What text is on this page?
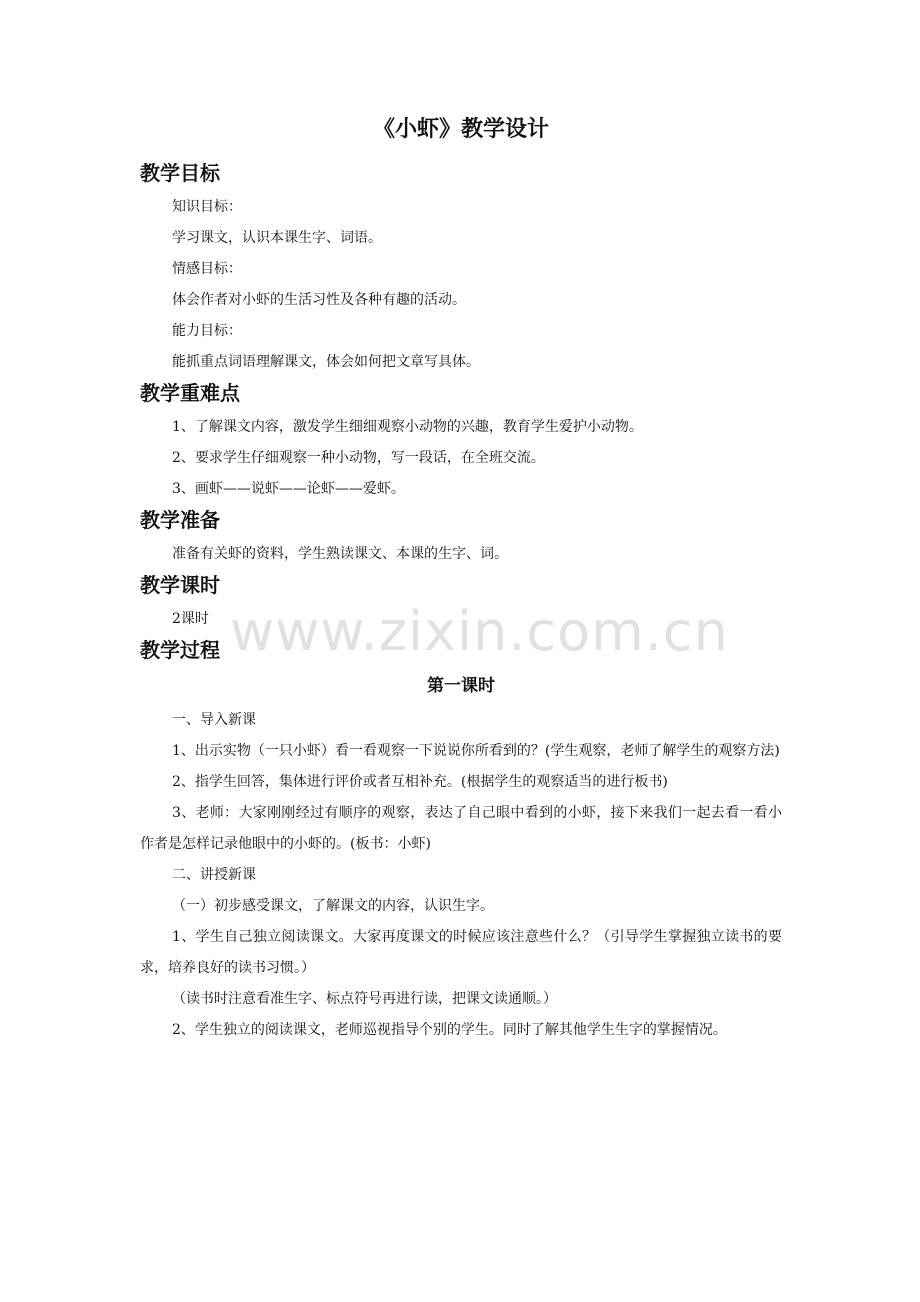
《小虾》教学设计
教学目标

知识目标：

学习课文，认识本课生字、词语。

情感目标：

体会作者对小虾的生活习性及各种有趣的活动。

能力目标：

能抓重点词语理解课文，体会如何把文章写具体。

教学重难点

1、了解课文内容，激发学生细细观察小动物的兴趣，教育学生爱护小动物。

2、要求学生仔细观察一种小动物，写一段话，在全班交流。

3、画虾——说虾——论虾——爱虾。

教学准备

准备有关虾的资料，学生熟读课文、本课的生字、词。

教学课时

2课时

教学过程
第一课时

一、导入新课

1、出示实物（一只小虾）看一看观察一下说说你所看到的？(学生观察，老师了解学生的观察方法)

2、指学生回答，集体进行评价或者互相补充。(根据学生的观察适当的进行板书)

3、老师：大家刚刚经过有顺序的观察，表达了自己眼中看到的小虾，接下来我们一起去看一看小作者是怎样记录他眼中的小虾的。(板书：小虾)

二、讲授新课

（一）初步感受课文，了解课文的内容，认识生字。

1、学生自己独立阅读课文。大家再度课文的时候应该注意些什么？（引导学生掌握独立读书的要求，培养良好的读书习惯。）

（读书时注意看准生字、标点符号再进行读，把课文读通顺。）

2、学生独立的阅读课文，老师巡视指导个别的学生。同时了解其他学生生字的掌握情况。

www.zixin.com.cn
